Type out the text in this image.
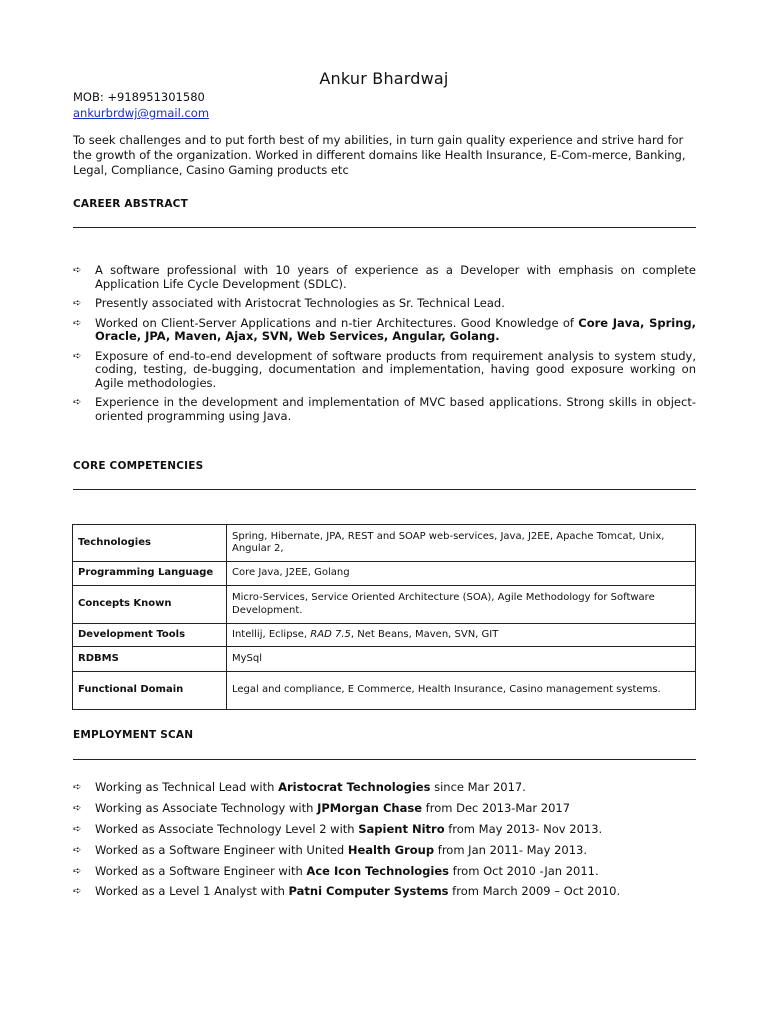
Ankur Bhardwaj
MOB: +918951301580
ankurbrdwj@gmail.com

To seek challenges and to put forth best of my abilities, in turn gain quality experience and strive hard for the growth of the organization. Worked in different domains like Health Insurance, E-Com-merce, Banking, Legal, Compliance, Casino Gaming products etc

CAREER ABSTRACT
➪	A software professional with 10 years of experience as a Developer with emphasis on complete Application Life Cycle Development (SDLC).
➪	Presently associated with Aristocrat Technologies as Sr. Technical Lead.
➪	Worked on Client-Server Applications and n-tier Architectures. Good Knowledge of Core Java, Spring, Oracle, JPA, Maven, Ajax, SVN, Web Services, Angular, Golang.
➪	Exposure of end-to-end development of software products from requirement analysis to system study, coding, testing, de-bugging, documentation and implementation, having good exposure working on Agile methodologies.
➪	Experience in the development and implementation of MVC based applications. Strong skills in object-oriented programming using Java.
CORE COMPETENCIES
Technologies	Spring, Hibernate, JPA, REST and SOAP web-services, Java, J2EE, Apache Tomcat, Unix, Angular 2,
Programming Language	Core Java, J2EE, Golang
Concepts Known	Micro-Services, Service Oriented Architecture (SOA), Agile Methodology for Software Development.
Development Tools	Intellij, Eclipse, RAD 7.5, Net Beans, Maven, SVN, GIT
RDBMS	MySql
Functional Domain	Legal and compliance, E Commerce, Health Insurance, Casino management systems.
EMPLOYMENT SCAN
➪	Working as Technical Lead with Aristocrat Technologies since Mar 2017.
➪	Working as Associate Technology with JPMorgan Chase from Dec 2013-Mar 2017
➪	Worked as Associate Technology Level 2 with Sapient Nitro from May 2013- Nov 2013.
➪	Worked as a Software Engineer with United Health Group from Jan 2011- May 2013.
➪	Worked as a Software Engineer with Ace Icon Technologies from Oct 2010 -Jan 2011.
➪	Worked as a Level 1 Analyst with Patni Computer Systems from March 2009 – Oct 2010.
